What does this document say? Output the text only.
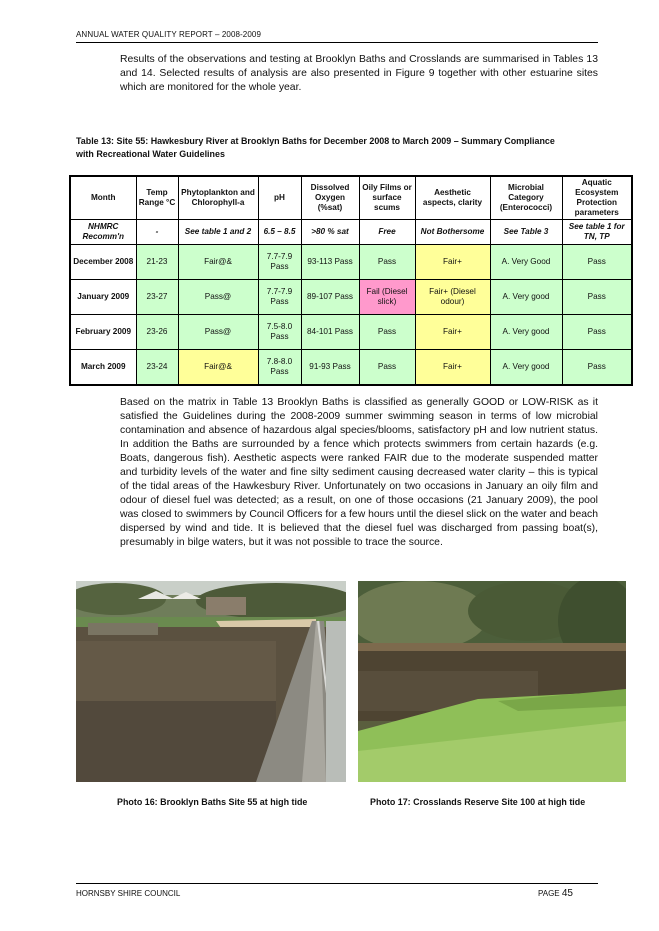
ANNUAL WATER QUALITY REPORT – 2008-2009
Results of the observations and testing at Brooklyn Baths and Crosslands are summarised in Tables 13 and 14. Selected results of analysis are also presented in Figure 9 together with other estuarine sites which are monitored for the whole year.
Table 13: Site 55: Hawkesbury River at Brooklyn Baths for December 2008 to March 2009 – Summary Compliance with Recreational Water Guidelines
Month	Temp Range °C	Phytoplankton and Chlorophyll-a	pH	Dissolved Oxygen (%sat)	Oily Films or surface scums	Aesthetic aspects, clarity	Microbial Category (Enterococci)	Aquatic Ecosystem Protection parameters
NHMRC Recomm'n	-	See table 1 and 2	6.5 – 8.5	>80 % sat	Free	Not Bothersome	See Table 3	See table 1 for TN, TP
December 2008	21-23	Fair@&	7.7-7.9 Pass	93-113 Pass	Pass	Fair+	A. Very Good	Pass
January 2009	23-27	Pass@	7.7-7.9 Pass	89-107 Pass	Fail (Diesel slick)	Fair+ (Diesel odour)	A. Very good	Pass
February 2009	23-26	Pass@	7.5-8.0 Pass	84-101 Pass	Pass	Fair+	A. Very good	Pass
March 2009	23-24	Fair@&	7.8-8.0 Pass	91-93 Pass	Pass	Fair+	A. Very good	Pass
Based on the matrix in Table 13 Brooklyn Baths is classified as generally GOOD or LOW-RISK as it satisfied the Guidelines during the 2008-2009 summer swimming season in terms of low microbial contamination and absence of hazardous algal species/blooms, satisfactory pH and low nutrient status. In addition the Baths are surrounded by a fence which protects swimmers from certain hazards (e.g. Boats, dangerous fish). Aesthetic aspects were ranked FAIR due to the moderate suspended matter and turbidity levels of the water and fine silty sediment causing decreased water clarity – this is typical of the tidal areas of the Hawkesbury River. Unfortunately on two occasions in January an oily film and odour of diesel fuel was detected; as a result, on one of those occasions (21 January 2009), the pool was closed to swimmers by Council Officers for a few hours until the diesel slick on the water and beach dispersed by wind and tide. It is believed that the diesel fuel was discharged from passing boat(s), presumably in bilge waters, but it was not possible to trace the source.
Photo 16: Brooklyn Baths Site 55 at high tide	Photo 17: Crosslands Reserve Site 100 at high tide
HORNSBY SHIRE COUNCIL	PAGE 45
